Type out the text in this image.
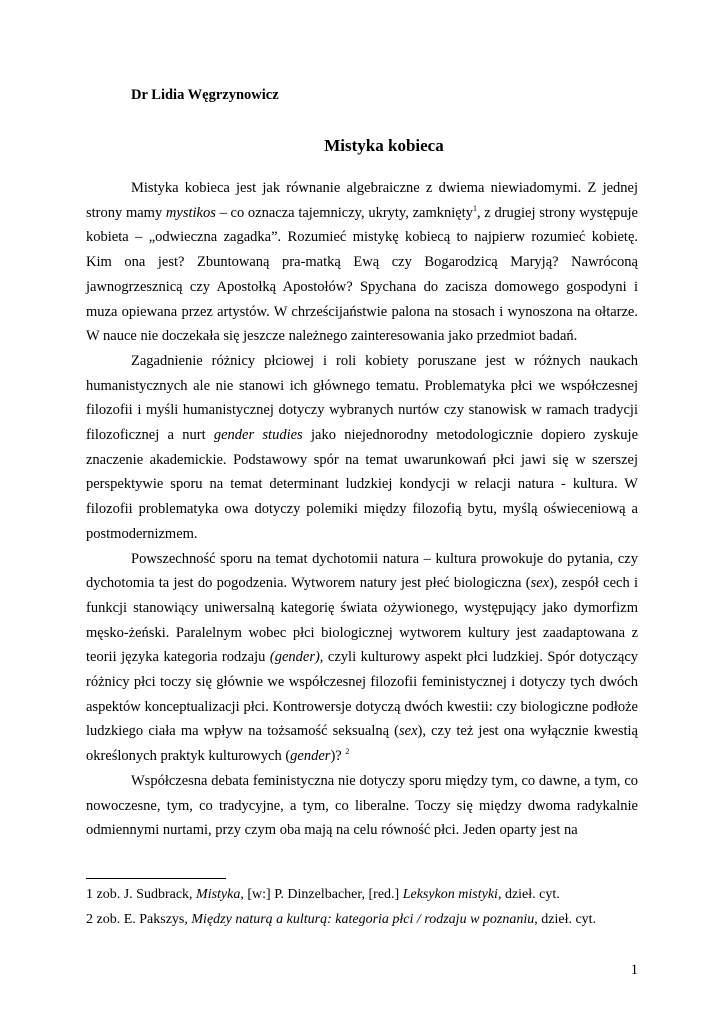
Dr Lidia Węgrzynowicz
Mistyka kobieca

Mistyka kobieca jest jak równanie algebraiczne z dwiema niewiadomymi. Z jednej strony mamy mystikos – co oznacza tajemniczy, ukryty, zamknięty$^1$, z drugiej strony występuje kobieta – „odwieczna zagadka”. Rozumieć mistykę kobiecą to najpierw rozumieć kobietę. Kim ona jest? Zbuntowaną pra-matką Ewą czy Bogarodzicą Maryją? Nawróconą jawnogrzesznicą czy Apostołką Apostołów? Spychana do zacisza domowego gospodyni i muza opiewana przez artystów. W chrześcijaństwie palona na stosach i wynoszona na ołtarze. W nauce nie doczekała się jeszcze należnego zainteresowania jako przedmiot badań.

Zagadnienie różnicy płciowej i roli kobiety poruszane jest w różnych naukach humanistycznych ale nie stanowi ich głównego tematu. Problematyka płci we współczesnej filozofii i myśli humanistycznej dotyczy wybranych nurtów czy stanowisk w ramach tradycji filozoficznej a nurt gender studies jako niejednorodny metodologicznie dopiero zyskuje znaczenie akademickie. Podstawowy spór na temat uwarunkowań płci jawi się w szerszej perspektywie sporu na temat determinant ludzkiej kondycji w relacji natura - kultura. W filozofii problematyka owa dotyczy polemiki między filozofią bytu, myślą oświeceniową a postmodernizmem.

Powszechność sporu na temat dychotomii natura – kultura prowokuje do pytania, czy dychotomia ta jest do pogodzenia. Wytworem natury jest płeć biologiczna (sex), zespół cech i funkcji stanowiący uniwersalną kategorię świata ożywionego, występujący jako dymorfizm męsko-żeński. Paralelnym wobec płci biologicznej wytworem kultury jest zaadaptowana z teorii języka kategoria rodzaju (gender), czyli kulturowy aspekt płci ludzkiej. Spór dotyczący różnicy płci toczy się głównie we współczesnej filozofii feministycznej i dotyczy tych dwóch aspektów konceptualizacji płci. Kontrowersje dotyczą dwóch kwestii: czy biologiczne podłoże ludzkiego ciała ma wpływ na tożsamość seksualną (sex), czy też jest ona wyłącznie kwestią określonych praktyk kulturowych (gender)? $^2$

Współczesna debata feministyczna nie dotyczy sporu między tym, co dawne, a tym, co nowoczesne, tym, co tradycyjne, a tym, co liberalne. Toczy się między dwoma radykalnie odmiennymi nurtami, przy czym oba mają na celu równość płci. Jeden oparty jest na

1 zob. J. Sudbrack, Mistyka, [w:] P. Dinzelbacher, [red.] Leksykon mistyki, dzieł. cyt.
2 zob. E. Pakszys, Między naturą a kulturą: kategoria płci / rodzaju w poznaniu, dzieł. cyt.
1
